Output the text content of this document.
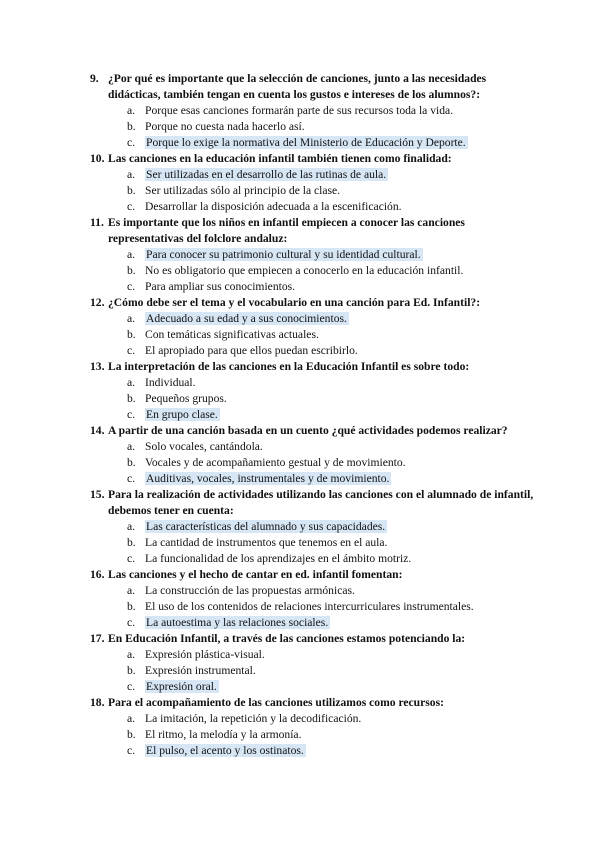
9. ¿Por qué es importante que la selección de canciones, junto a las necesidades didácticas, también tengan en cuenta los gustos e intereses de los alumnos?:
a. Porque esas canciones formarán parte de sus recursos toda la vida.
b. Porque no cuesta nada hacerlo así.
c. Porque lo exige la normativa del Ministerio de Educación y Deporte.
10. Las canciones en la educación infantil también tienen como finalidad:
a. Ser utilizadas en el desarrollo de las rutinas de aula.
b. Ser utilizadas sólo al principio de la clase.
c. Desarrollar la disposición adecuada a la escenificación.
11. Es importante que los niños en infantil empiecen a conocer las canciones representativas del folclore andaluz:
a. Para conocer su patrimonio cultural y su identidad cultural.
b. No es obligatorio que empiecen a conocerlo en la educación infantil.
c. Para ampliar sus conocimientos.
12. ¿Cómo debe ser el tema y el vocabulario en una canción para Ed. Infantil?:
a. Adecuado a su edad y a sus conocimientos.
b. Con temáticas significativas actuales.
c. El apropiado para que ellos puedan escribirlo.
13. La interpretación de las canciones en la Educación Infantil es sobre todo:
a. Individual.
b. Pequeños grupos.
c. En grupo clase.
14. A partir de una canción basada en un cuento ¿qué actividades podemos realizar?
a. Solo vocales, cantándola.
b. Vocales y de acompañamiento gestual y de movimiento.
c. Auditivas, vocales, instrumentales y de movimiento.
15. Para la realización de actividades utilizando las canciones con el alumnado de infantil, debemos tener en cuenta:
a. Las características del alumnado y sus capacidades.
b. La cantidad de instrumentos que tenemos en el aula.
c. La funcionalidad de los aprendizajes en el ámbito motriz.
16. Las canciones y el hecho de cantar en ed. infantil fomentan:
a. La construcción de las propuestas armónicas.
b. El uso de los contenidos de relaciones intercurriculares instrumentales.
c. La autoestima y las relaciones sociales.
17. En Educación Infantil, a través de las canciones estamos potenciando la:
a. Expresión plástica-visual.
b. Expresión instrumental.
c. Expresión oral.
18. Para el acompañamiento de las canciones utilizamos como recursos:
a. La imitación, la repetición y la decodificación.
b. El ritmo, la melodía y la armonía.
c. El pulso, el acento y los ostinatos.
